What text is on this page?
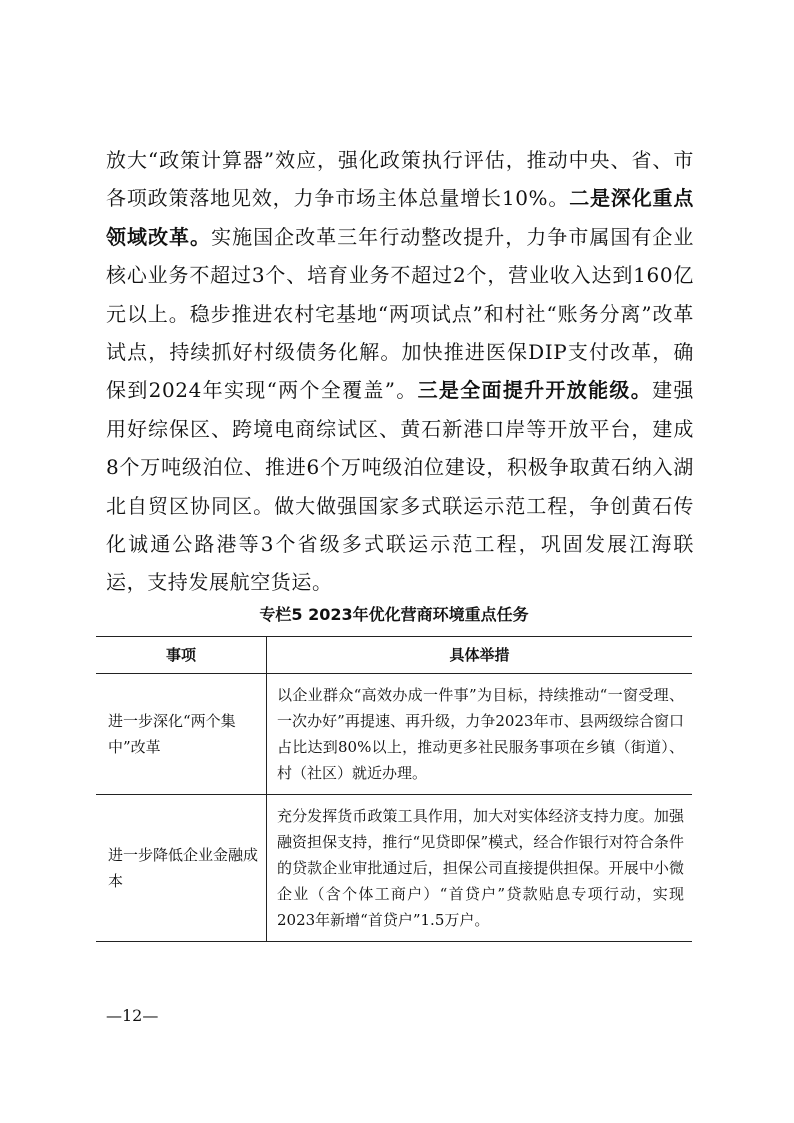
放大“政策计算器”效应，强化政策执行评估，推动中央、省、市各项政策落地见效，力争市场主体总量增长10%。二是深化重点领域改革。实施国企改革三年行动整改提升，力争市属国有企业核心业务不超过3个、培育业务不超过2个，营业收入达到160亿元以上。稳步推进农村宅基地“两项试点”和村社“账务分离”改革试点，持续抓好村级债务化解。加快推进医保DIP支付改革，确保到2024年实现“两个全覆盖”。三是全面提升开放能级。建强用好综保区、跨境电商综试区、黄石新港口岸等开放平台，建成8个万吨级泊位、推进6个万吨级泊位建设，积极争取黄石纳入湖北自贸区协同区。做大做强国家多式联运示范工程，争创黄石传化诚通公路港等3个省级多式联运示范工程，巩固发展江海联运，支持发展航空货运。

专栏5 2023年优化营商环境重点任务
事项	具体举措
进一步深化“两个集中”改革	以企业群众“高效办成一件事”为目标，持续推动“一窗受理、一次办好”再提速、再升级，力争2023年市、县两级综合窗口占比达到80%以上，推动更多社民服务事项在乡镇（街道）、村（社区）就近办理。
进一步降低企业金融成本	充分发挥货币政策工具作用，加大对实体经济支持力度。加强融资担保支持，推行“见贷即保”模式，经合作银行对符合条件的贷款企业审批通过后，担保公司直接提供担保。开展中小微企业（含个体工商户）“首贷户”贷款贴息专项行动，实现2023年新增“首贷户”1.5万户。
—12—
